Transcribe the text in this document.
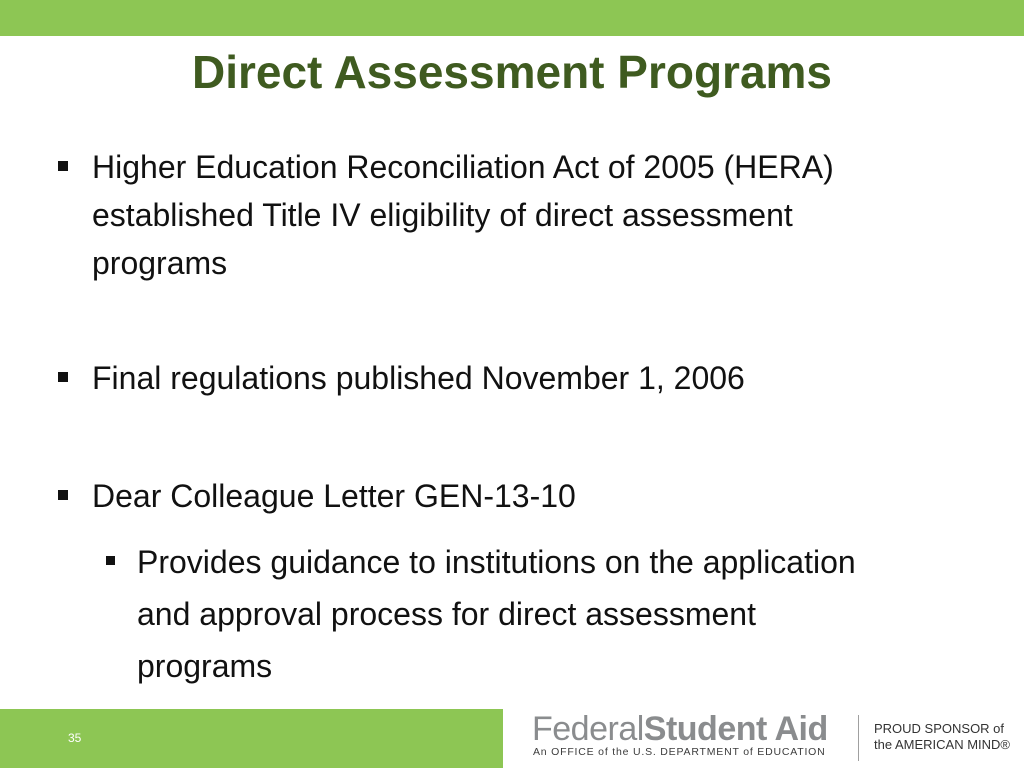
Direct Assessment Programs
Higher Education Reconciliation Act of 2005 (HERA) established Title IV eligibility of direct assessment programs
Final regulations published November 1, 2006
Dear Colleague Letter GEN-13-10
Provides guidance to institutions on the application and approval process for direct assessment programs
35	FederalStudent Aid
An OFFICE of the U.S. DEPARTMENT of EDUCATION
PROUD SPONSOR of
the AMERICAN MIND®
